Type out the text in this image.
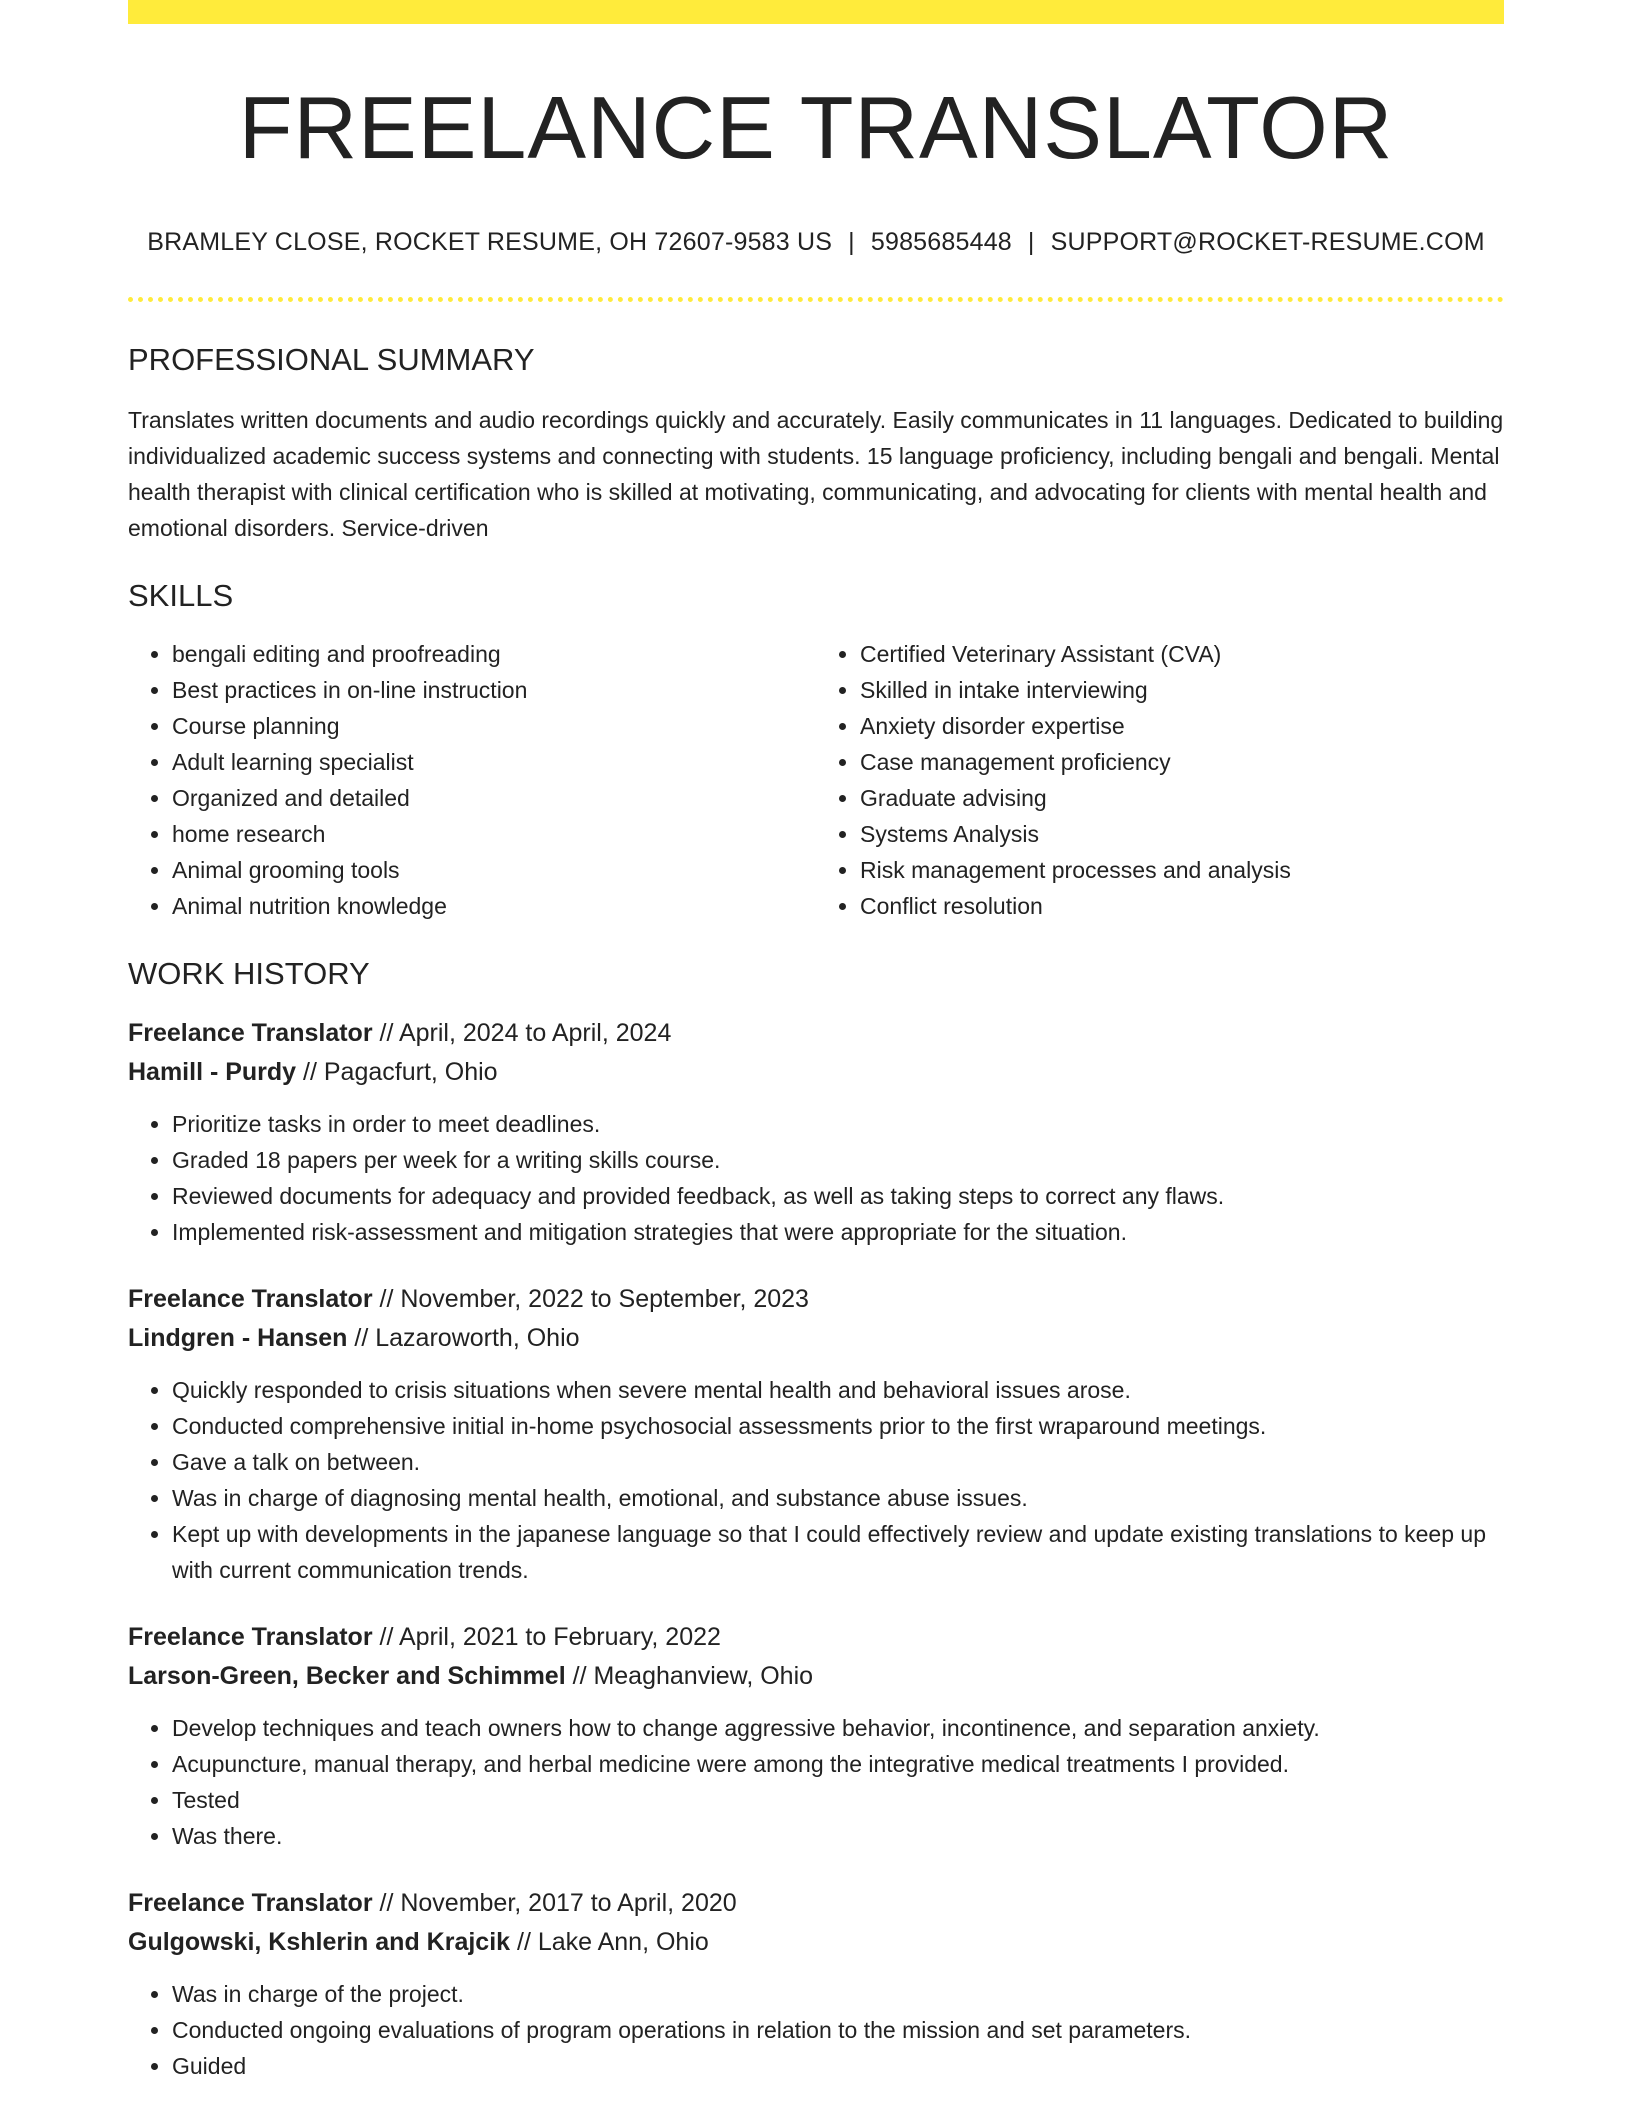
FREELANCE TRANSLATOR
BRAMLEY CLOSE, ROCKET RESUME, OH 72607-9583 US | 5985685448 | SUPPORT@ROCKET-RESUME.COM
PROFESSIONAL SUMMARY

Translates written documents and audio recordings quickly and accurately. Easily communicates in 11 languages. Dedicated to building individualized academic success systems and connecting with students. 15 language proficiency, including bengali and bengali. Mental health therapist with clinical certification who is skilled at motivating, communicating, and advocating for clients with mental health and emotional disorders. Service-driven

SKILLS
• bengali editing and proofreading
• Best practices in on-line instruction
• Course planning
• Adult learning specialist
• Organized and detailed
• home research
• Animal grooming tools
• Animal nutrition knowledge
• Certified Veterinary Assistant (CVA)
• Skilled in intake interviewing
• Anxiety disorder expertise
• Case management proficiency
• Graduate advising
• Systems Analysis
• Risk management processes and analysis
• Conflict resolution
WORK HISTORY
Freelance Translator // April, 2024 to April, 2024
Hamill - Purdy // Pagacfurt, Ohio
• Prioritize tasks in order to meet deadlines.
• Graded 18 papers per week for a writing skills course.
• Reviewed documents for adequacy and provided feedback, as well as taking steps to correct any flaws.
• Implemented risk-assessment and mitigation strategies that were appropriate for the situation.
Freelance Translator // November, 2022 to September, 2023
Lindgren - Hansen // Lazaroworth, Ohio
• Quickly responded to crisis situations when severe mental health and behavioral issues arose.
• Conducted comprehensive initial in-home psychosocial assessments prior to the first wraparound meetings.
• Gave a talk on between.
• Was in charge of diagnosing mental health, emotional, and substance abuse issues.
• Kept up with developments in the japanese language so that I could effectively review and update existing translations to keep up with current communication trends.
Freelance Translator // April, 2021 to February, 2022
Larson-Green, Becker and Schimmel // Meaghanview, Ohio
• Develop techniques and teach owners how to change aggressive behavior, incontinence, and separation anxiety.
• Acupuncture, manual therapy, and herbal medicine were among the integrative medical treatments I provided.
• Tested
• Was there.
Freelance Translator // November, 2017 to April, 2020
Gulgowski, Kshlerin and Krajcik // Lake Ann, Ohio
• Was in charge of the project.
• Conducted ongoing evaluations of program operations in relation to the mission and set parameters.
• Guided
